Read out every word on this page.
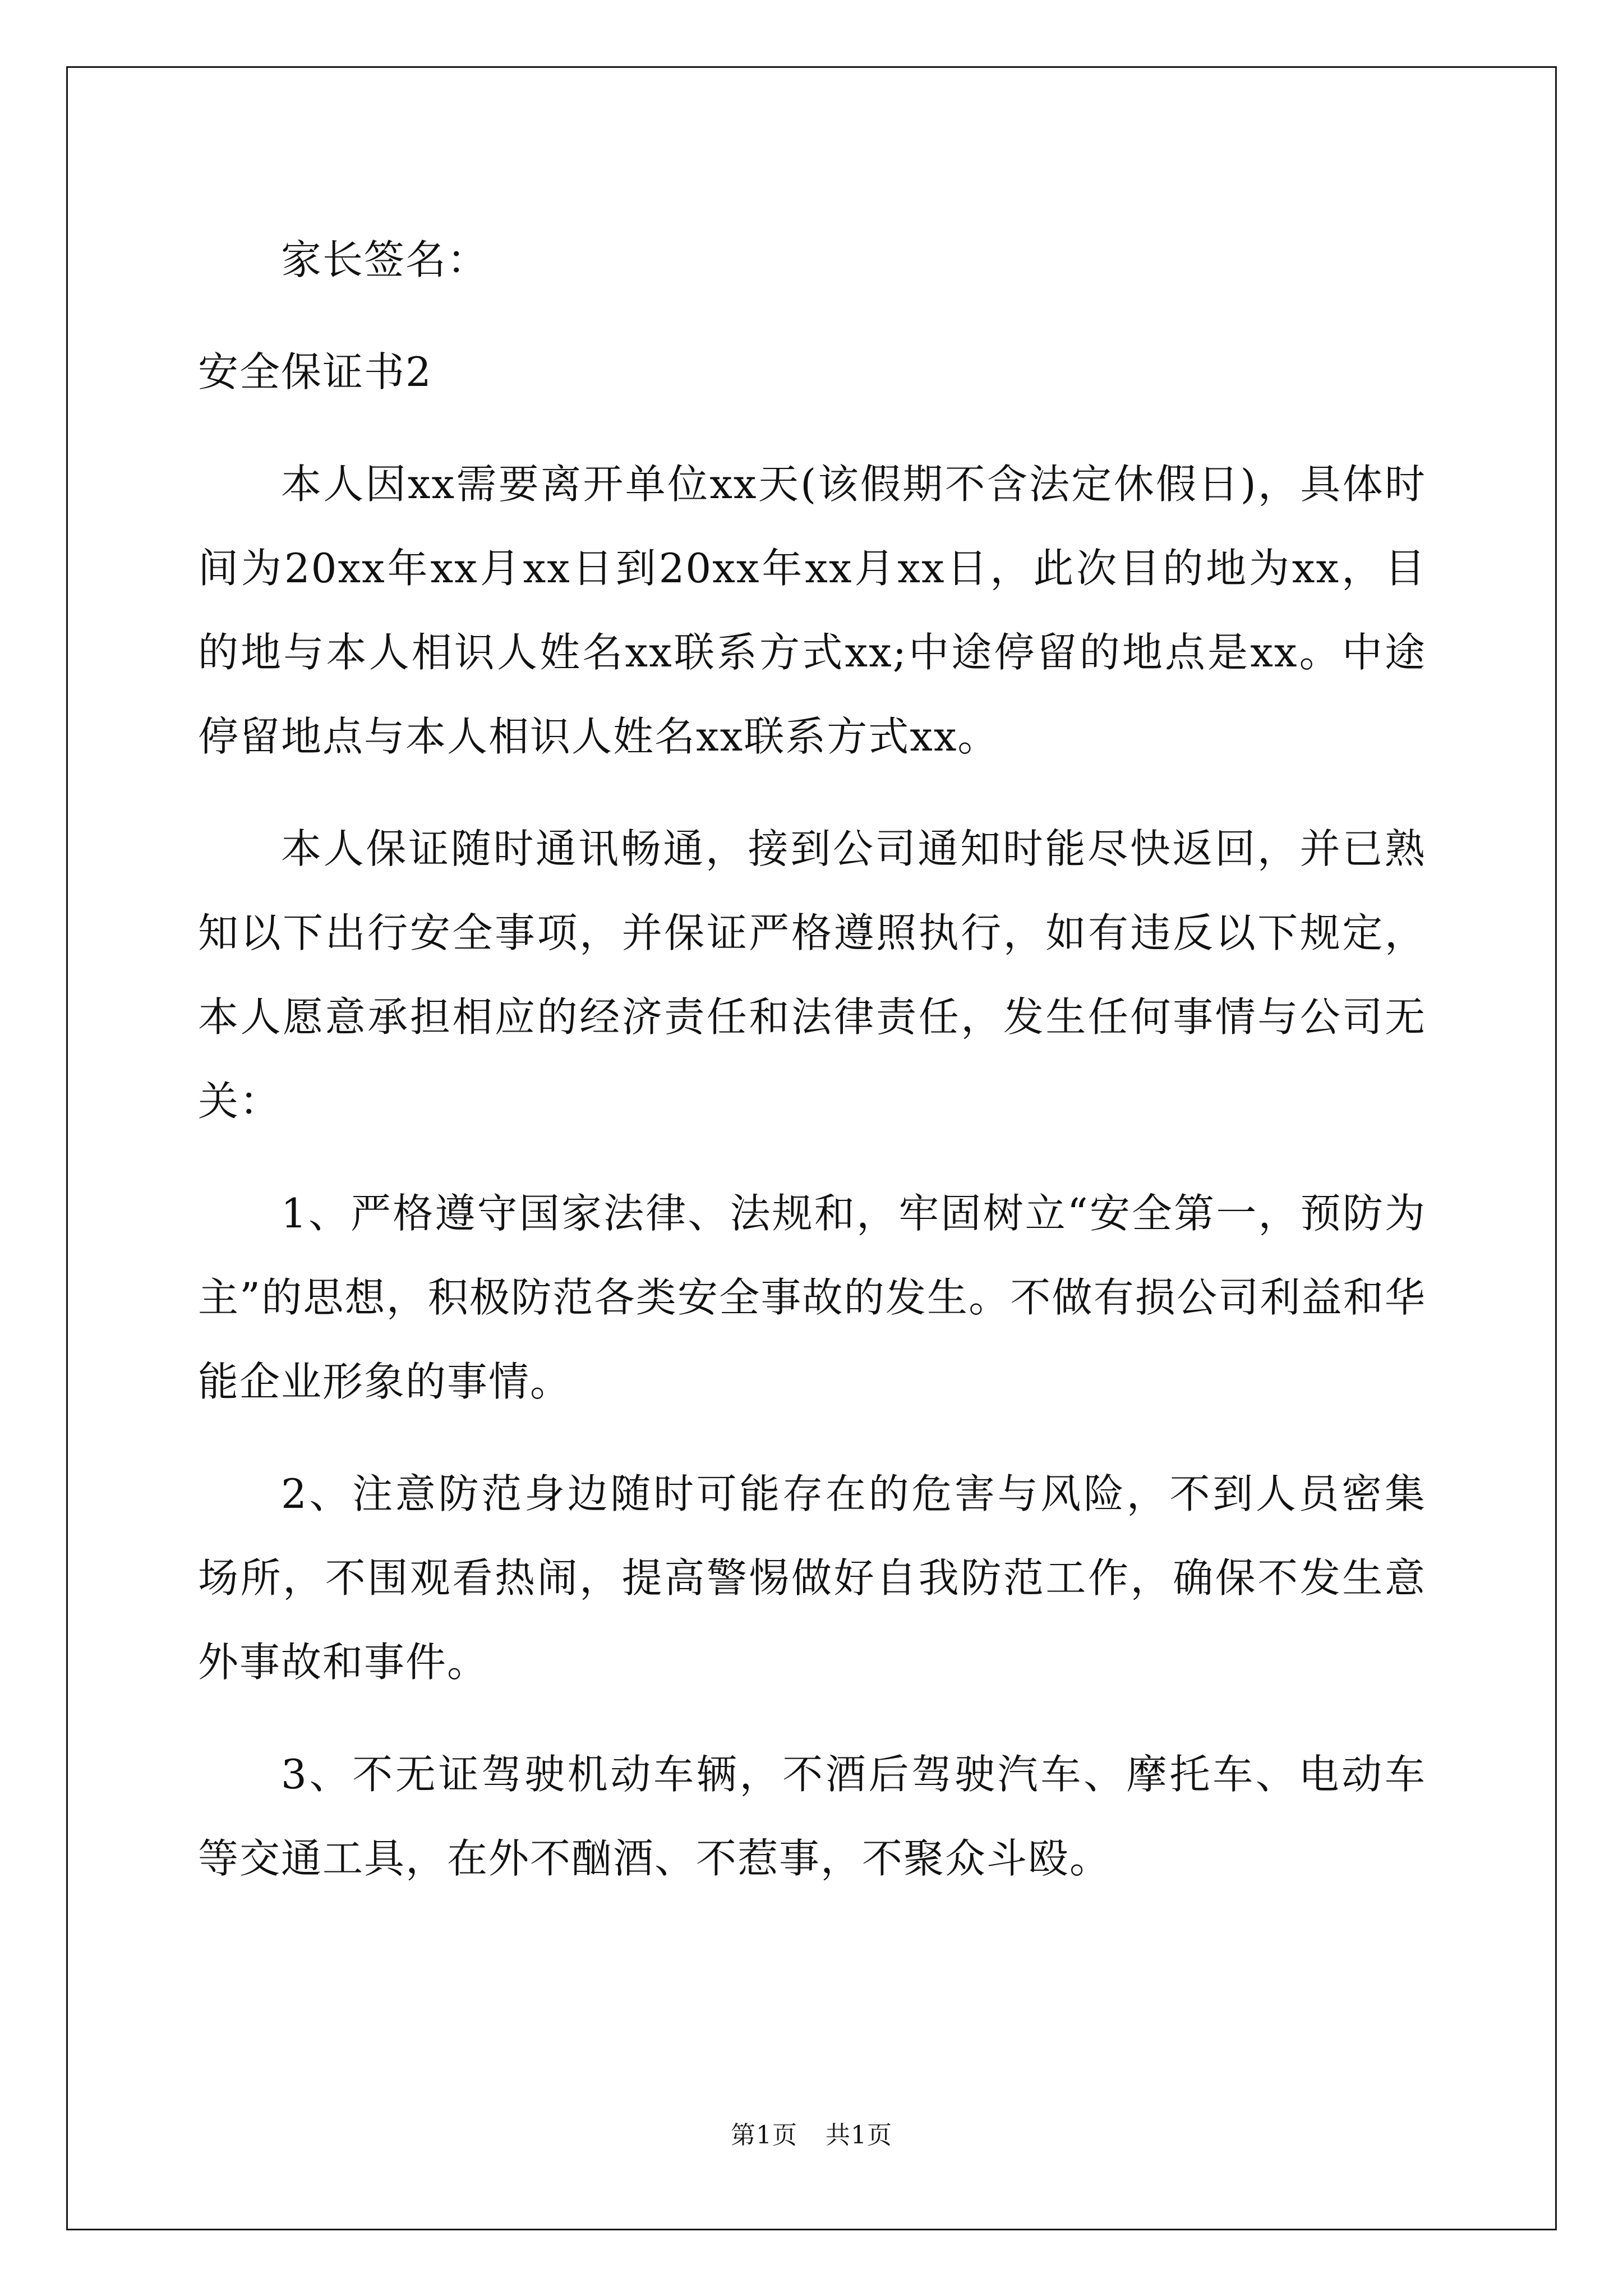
家长签名：

安全保证书2

本人因xx需要离开单位xx天(该假期不含法定休假日)，具体时间为20xx年xx月xx日到20xx年xx月xx日，此次目的地为xx，目的地与本人相识人姓名xx联系方式xx;中途停留的地点是xx。中途停留地点与本人相识人姓名xx联系方式xx。

本人保证随时通讯畅通，接到公司通知时能尽快返回，并已熟知以下出行安全事项，并保证严格遵照执行，如有违反以下规定，本人愿意承担相应的经济责任和法律责任，发生任何事情与公司无关：

1、严格遵守国家法律、法规和，牢固树立“安全第一，预防为主”的思想，积极防范各类安全事故的发生。不做有损公司利益和华能企业形象的事情。

2、注意防范身边随时可能存在的危害与风险，不到人员密集场所，不围观看热闹，提高警惕做好自我防范工作，确保不发生意外事故和事件。

3、不无证驾驶机动车辆，不酒后驾驶汽车、摩托车、电动车等交通工具，在外不酗酒、不惹事，不聚众斗殴。

第1页 共1页
